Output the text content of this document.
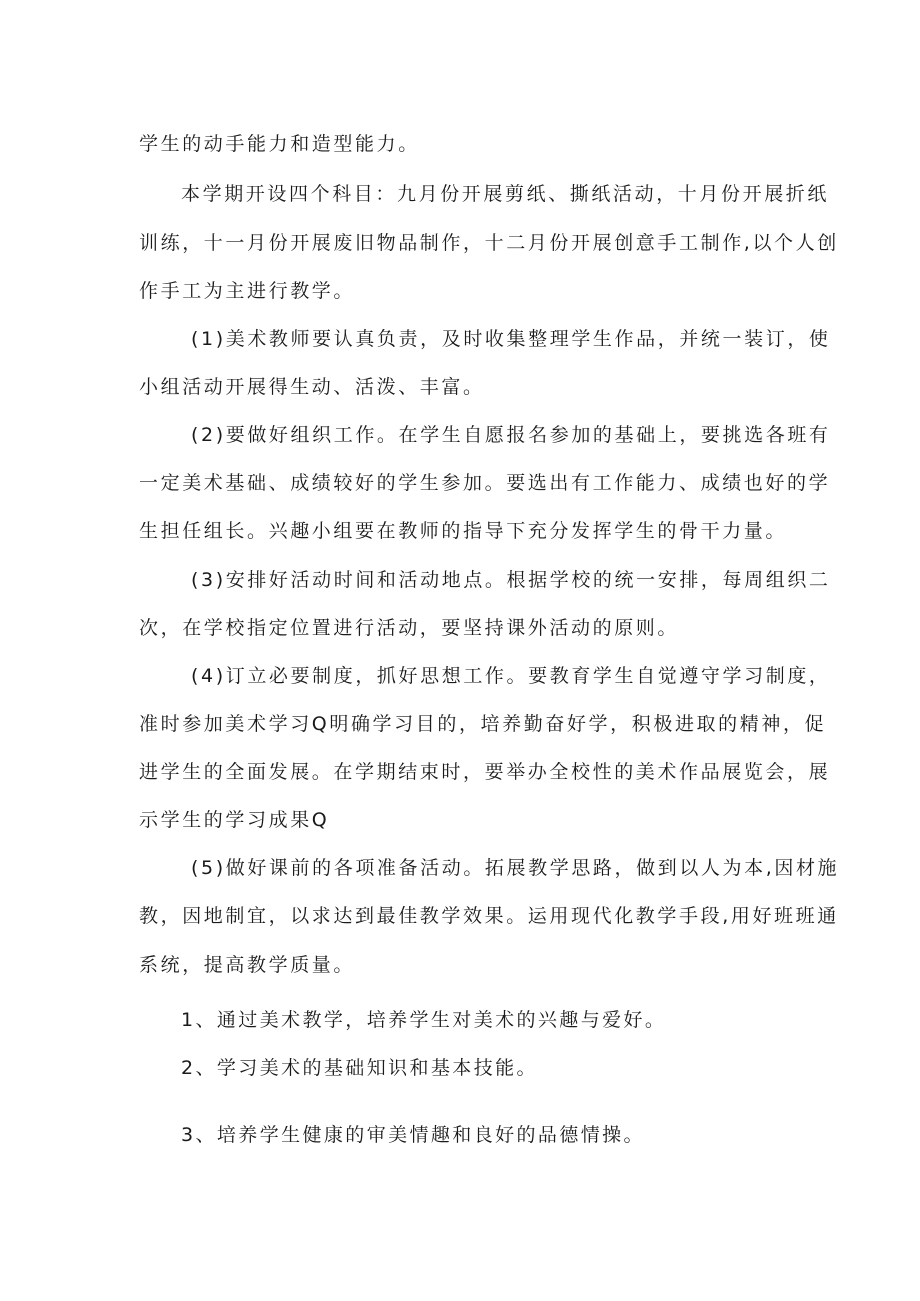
学生的动手能力和造型能力。

本学期开设四个科目：九月份开展剪纸、撕纸活动，十月份开展折纸

训练，十一月份开展废旧物品制作，十二月份开展创意手工制作,以个人创

作手工为主进行教学。

(1)美术教师要认真负责，及时收集整理学生作品，并统一装订，使

小组活动开展得生动、活泼、丰富。

(2)要做好组织工作。在学生自愿报名参加的基础上，要挑选各班有

一定美术基础、成绩较好的学生参加。要选出有工作能力、成绩也好的学

生担任组长。兴趣小组要在教师的指导下充分发挥学生的骨干力量。

(3)安排好活动时间和活动地点。根据学校的统一安排，每周组织二

次，在学校指定位置进行活动，要坚持课外活动的原则。

(4)订立必要制度，抓好思想工作。要教育学生自觉遵守学习制度，

准时参加美术学习Q明确学习目的，培养勤奋好学，积极进取的精神，促

进学生的全面发展。在学期结束时，要举办全校性的美术作品展览会，展

示学生的学习成果Q

(5)做好课前的各项准备活动。拓展教学思路，做到以人为本,因材施

教，因地制宜，以求达到最佳教学效果。运用现代化教学手段,用好班班通

系统，提高教学质量。

1、通过美术教学，培养学生对美术的兴趣与爱好。

2、学习美术的基础知识和基本技能。

3、培养学生健康的审美情趣和良好的品德情操。
